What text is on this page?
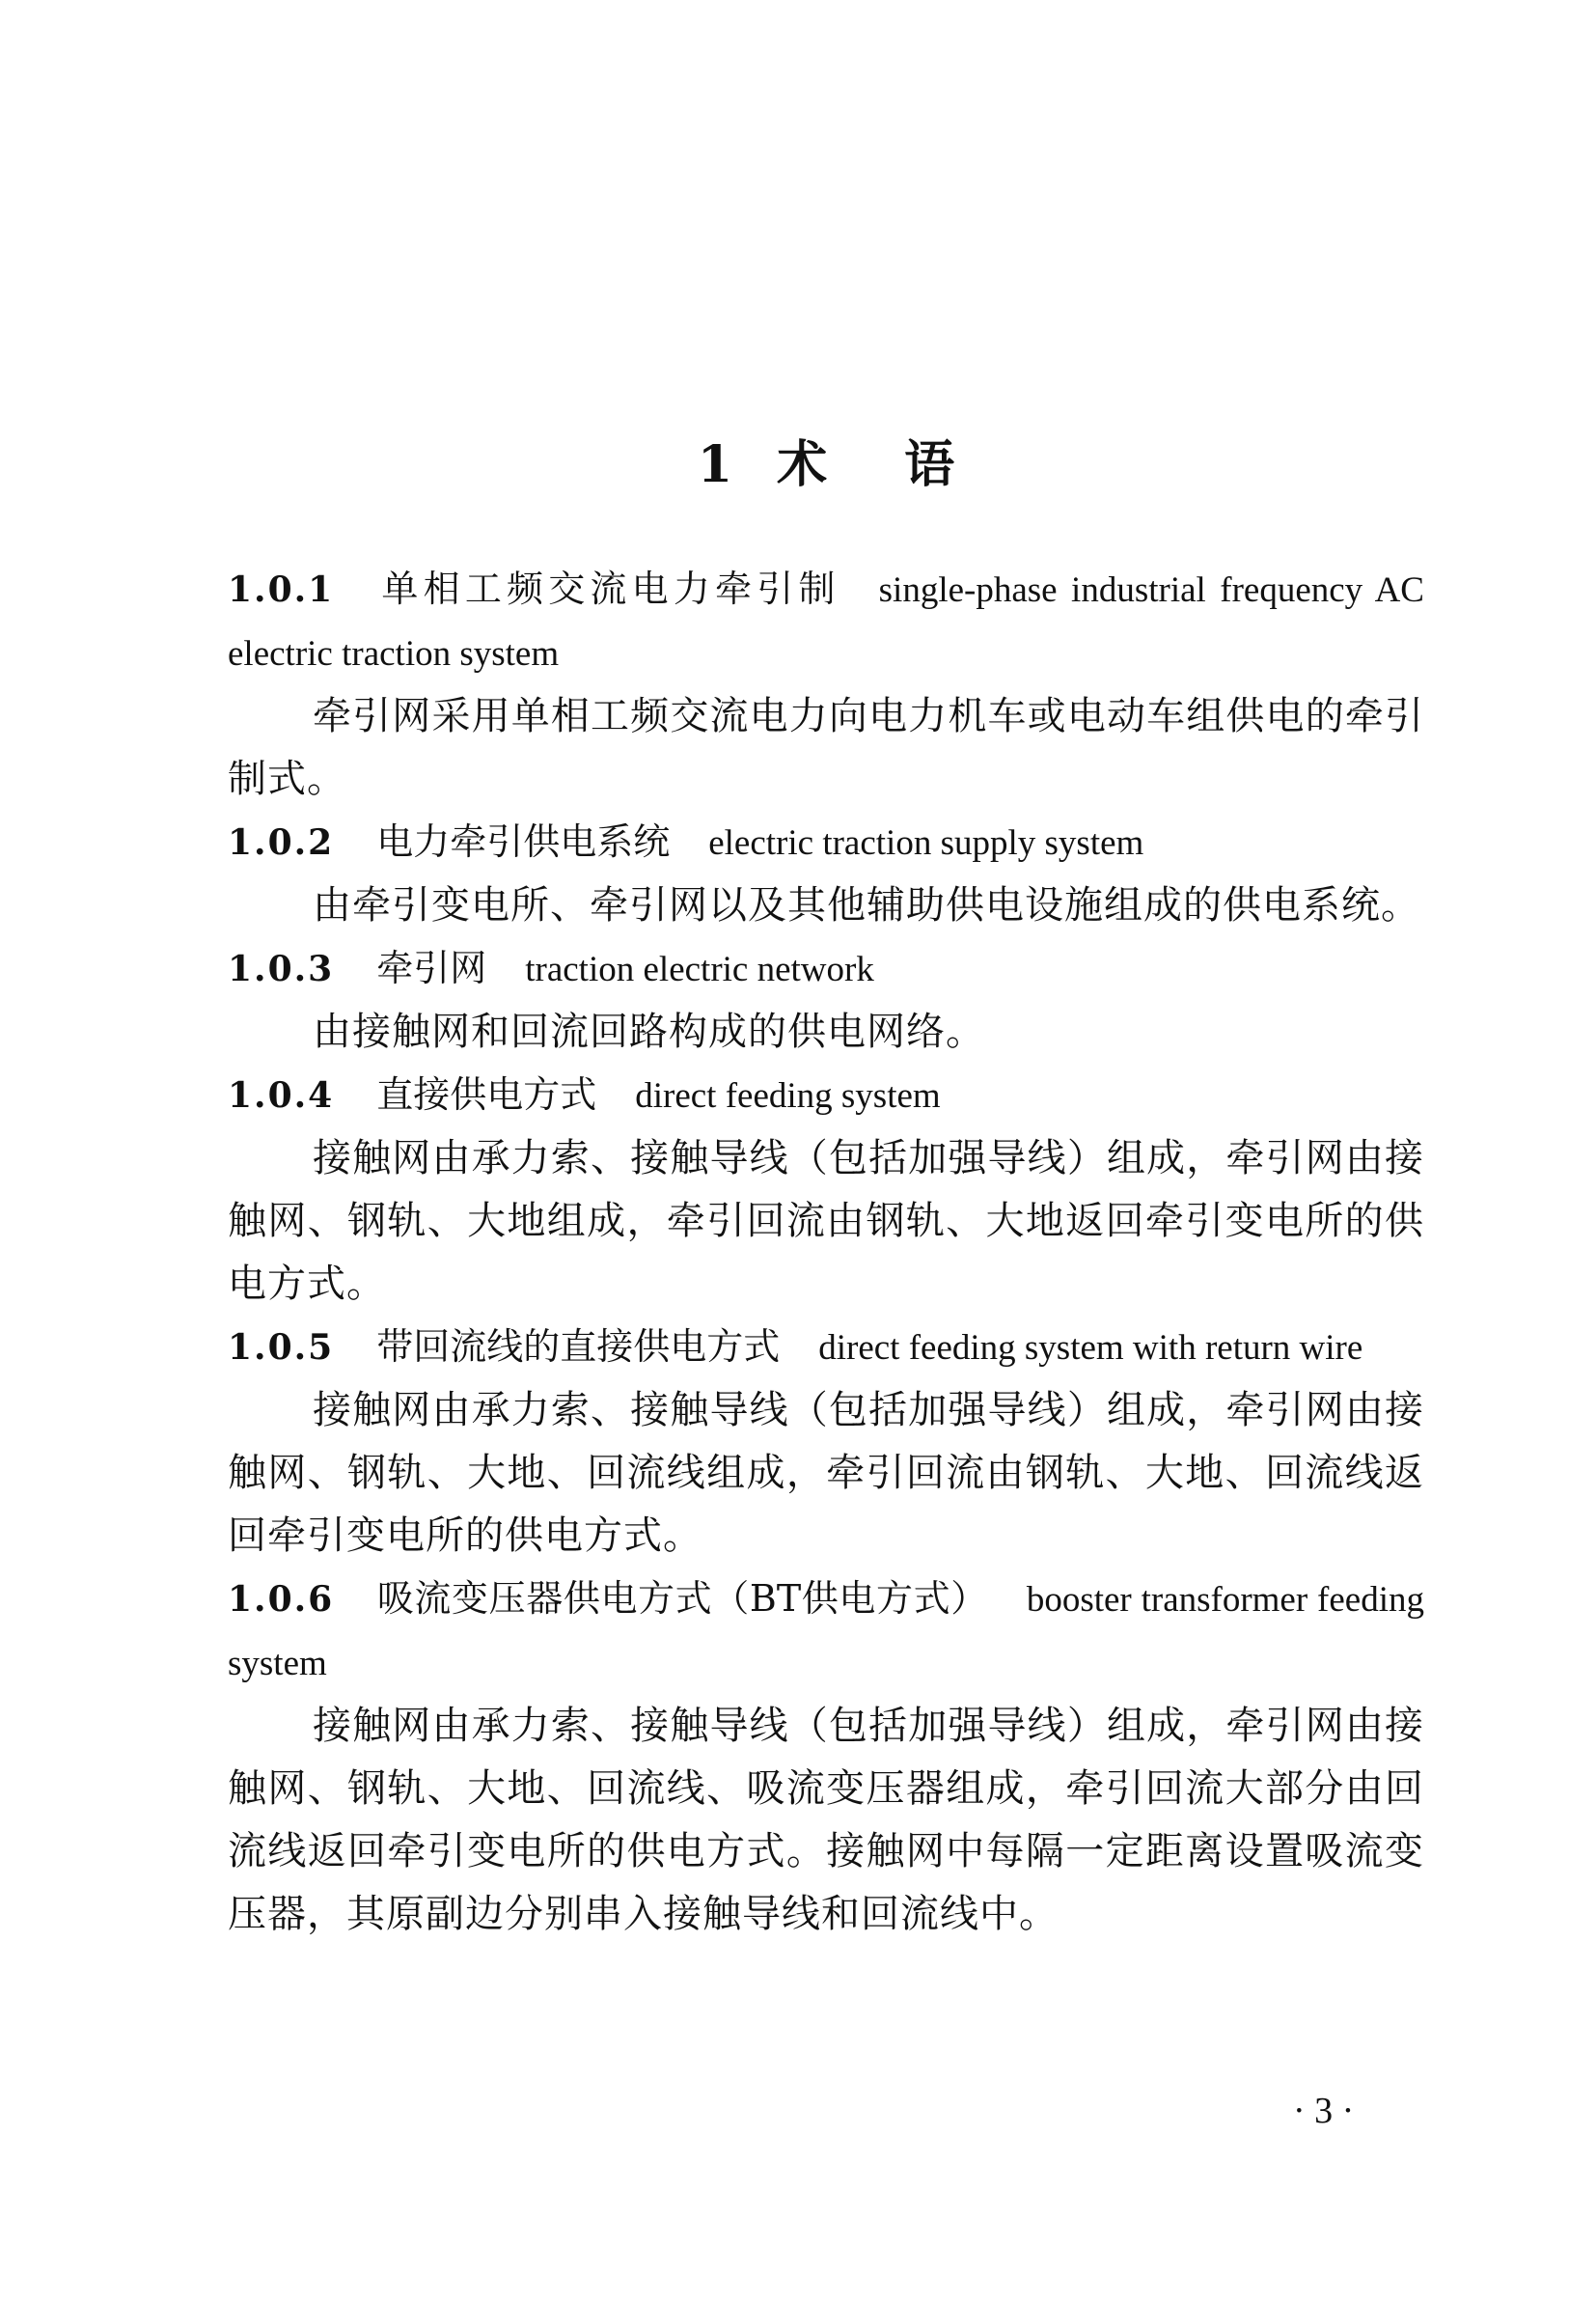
1 术 语
1.0.1 单相工频交流电力牵引制 single-phase industrial frequency AC electric traction system

牵引网采用单相工频交流电力向电力机车或电动车组供电的牵引制式。

1.0.2 电力牵引供电系统 electric traction supply system

由牵引变电所、牵引网以及其他辅助供电设施组成的供电系统。

1.0.3 牵引网 traction electric network

由接触网和回流回路构成的供电网络。

1.0.4 直接供电方式 direct feeding system

接触网由承力索、接触导线（包括加强导线）组成，牵引网由接触网、钢轨、大地组成，牵引回流由钢轨、大地返回牵引变电所的供电方式。

1.0.5 带回流线的直接供电方式 direct feeding system with return wire

接触网由承力索、接触导线（包括加强导线）组成，牵引网由接触网、钢轨、大地、回流线组成，牵引回流由钢轨、大地、回流线返回牵引变电所的供电方式。

1.0.6 吸流变压器供电方式（BT供电方式） booster transformer feeding system

接触网由承力索、接触导线（包括加强导线）组成，牵引网由接触网、钢轨、大地、回流线、吸流变压器组成，牵引回流大部分由回流线返回牵引变电所的供电方式。接触网中每隔一定距离设置吸流变压器，其原副边分别串入接触导线和回流线中。

· 3 ·
